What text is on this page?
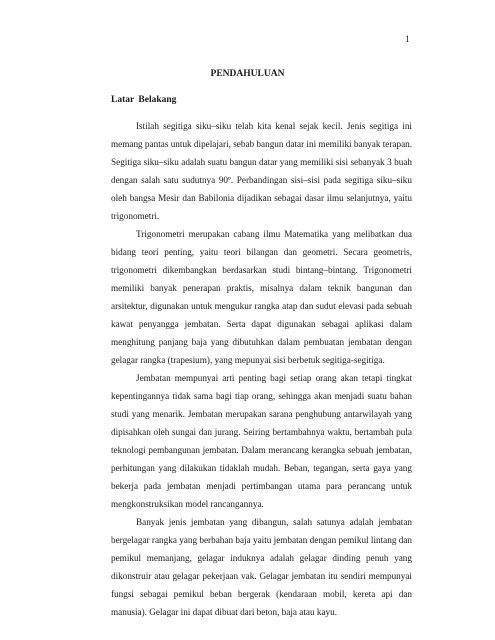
1
PENDAHULUAN
Latar Belakang

Istilah segitiga siku–siku telah kita kenal sejak kecil. Jenis segitiga ini
memang pantas untuk dipelajari, sebab bangun datar ini memiliki banyak terapan.
Segitiga siku–siku adalah suatu bangun datar yang memiliki sisi sebanyak 3 buah
dengan salah satu sudutnya 90º. Perbandingan sisi–sisi pada segitiga siku–siku
oleh bangsa Mesir dan Babilonia dijadikan sebagai dasar ilmu selanjutnya, yaitu
trigonometri.

Trigonometri merupakan cabang ilmu Matematika yang melibatkan dua
bidang teori penting, yaitu teori bilangan dan geometri. Secara geometris,
trigonometri dikembangkan berdasarkan studi bintang–bintang. Trigonometri
memiliki banyak penerapan praktis, misalnya dalam teknik bangunan dan
arsitektur, digunakan untuk mengukur rangka atap dan sudut elevasi pada sebuah
kawat penyangga jembatan. Serta dapat digunakan sebagai aplikasi dalam
menghitung panjang baja yang dibutuhkan dalam pembuatan jembatan dengan
gelagar rangka (trapesium), yang mepunyai sisi berbetuk segitiga-segitiga.

Jembatan mempunyai arti penting bagi setiap orang akan tetapi tingkat
kepentingannya tidak sama bagi tiap orang, sehingga akan menjadi suatu bahan
studi yang menarik. Jembatan merupakan sarana penghubung antarwilayah yang
dipisahkan oleh sungai dan jurang. Seiring bertambahnya waktu, bertambah pula
teknologi pembangunan jembatan. Dalam merancang kerangka sebuah jembatan,
perhitungan yang dilakukan tidaklah mudah. Beban, tegangan, serta gaya yang
bekerja pada jembatan menjadi pertimbangan utama para perancang untuk
mengkonstruksikan model rancangannya.

Banyak jenis jembatan yang dibangun, salah satunya adalah jembatan
bergelagar rangka yang berbahan baja yaitu jembatan dengan pemikul lintang dan
pemikul memanjang, gelagar induknya adalah gelagar dinding penuh yang
dikonstruir atau gelagar pekerjaan vak. Gelagar jembatan itu sendiri mempunyai
fungsi sebagai pemikul beban bergerak (kendaraan mobil, kereta api dan
manusia). Gelagar ini dapat dibuat dari beton, baja atau kayu.
